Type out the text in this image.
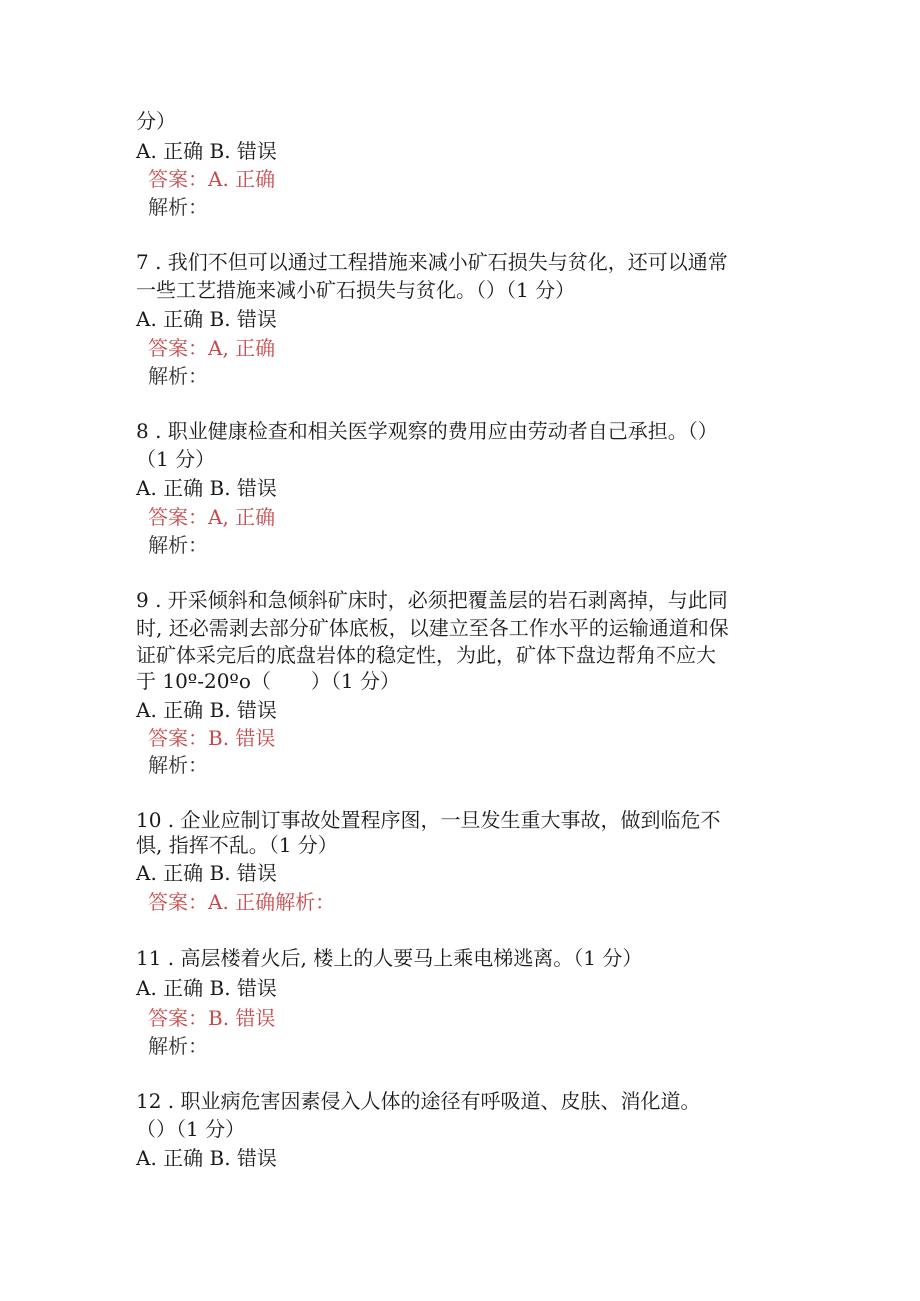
分）
A. 正确 B. 错误
答案：A. 正确
解析：
7 . 我们不但可以通过工程措施来减小矿石损失与贫化，还可以通常
一些工艺措施来减小矿石损失与贫化。（）（1 分）
A. 正确 B. 错误
答案：A, 正确
解析：
8 . 职业健康检查和相关医学观察的费用应由劳动者自己承担。（）
（1 分）
A. 正确 B. 错误
答案：A, 正确
解析：
9 . 开采倾斜和急倾斜矿床时，必须把覆盖层的岩石剥离掉，与此同
时, 还必需剥去部分矿体底板，以建立至各工作水平的运输通道和保
证矿体采完后的底盘岩体的稳定性，为此，矿体下盘边帮角不应大
于 10º-20ºo（　　）（1 分）
A. 正确 B. 错误
答案：B. 错误
解析：
10 . 企业应制订事故处置程序图，一旦发生重大事故，做到临危不
惧, 指挥不乱。（1 分）
A. 正确 B. 错误
答案：A. 正确解析：
11 . 高层楼着火后, 楼上的人要马上乘电梯逃离。（1 分）
A. 正确 B. 错误
答案：B. 错误
解析：
12 . 职业病危害因素侵入人体的途径有呼吸道、皮肤、消化道。
（）（1 分）
A. 正确 B. 错误
